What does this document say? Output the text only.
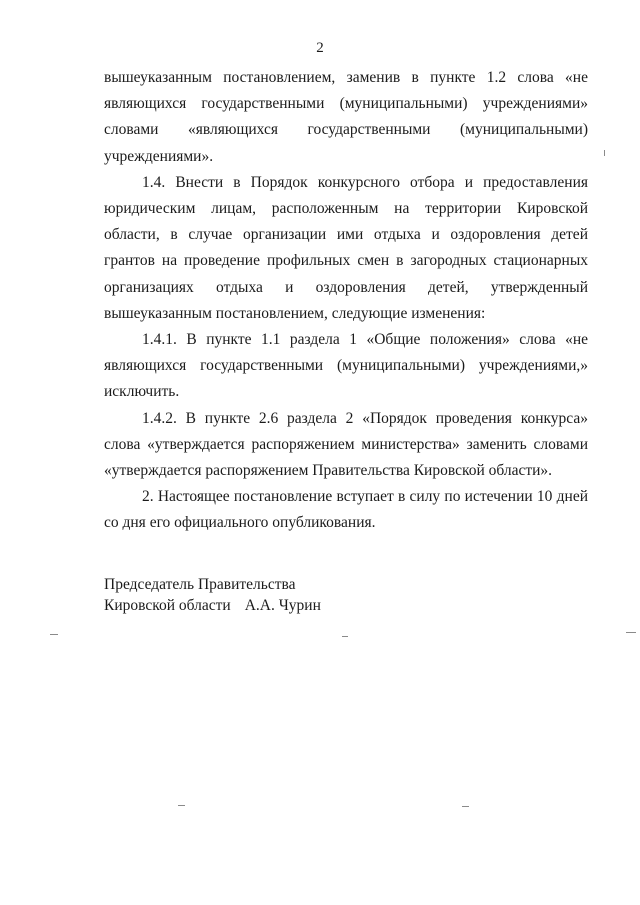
2

вышеуказанным постановлением, заменив в пункте 1.2 слова «не являющихся государственными (муниципальными) учреждениями» словами «являющихся государственными (муниципальными) учреждениями».

1.4. Внести в Порядок конкурсного отбора и предоставления юридическим лицам, расположенным на территории Кировской области, в случае организации ими отдыха и оздоровления детей грантов на проведение профильных смен в загородных стационарных организациях отдыха и оздоровления детей, утвержденный вышеуказанным постановлением, следующие изменения:

1.4.1. В пункте 1.1 раздела 1 «Общие положения» слова «не являющихся государственными (муниципальными) учреждениями,» исключить.

1.4.2. В пункте 2.6 раздела 2 «Порядок проведения конкурса» слова «утверждается распоряжением министерства» заменить словами «утверждается распоряжением Правительства Кировской области».

2. Настоящее постановление вступает в силу по истечении 10 дней со дня его официального опубликования.

Председатель Правительства
Кировской области А.А. Чурин
